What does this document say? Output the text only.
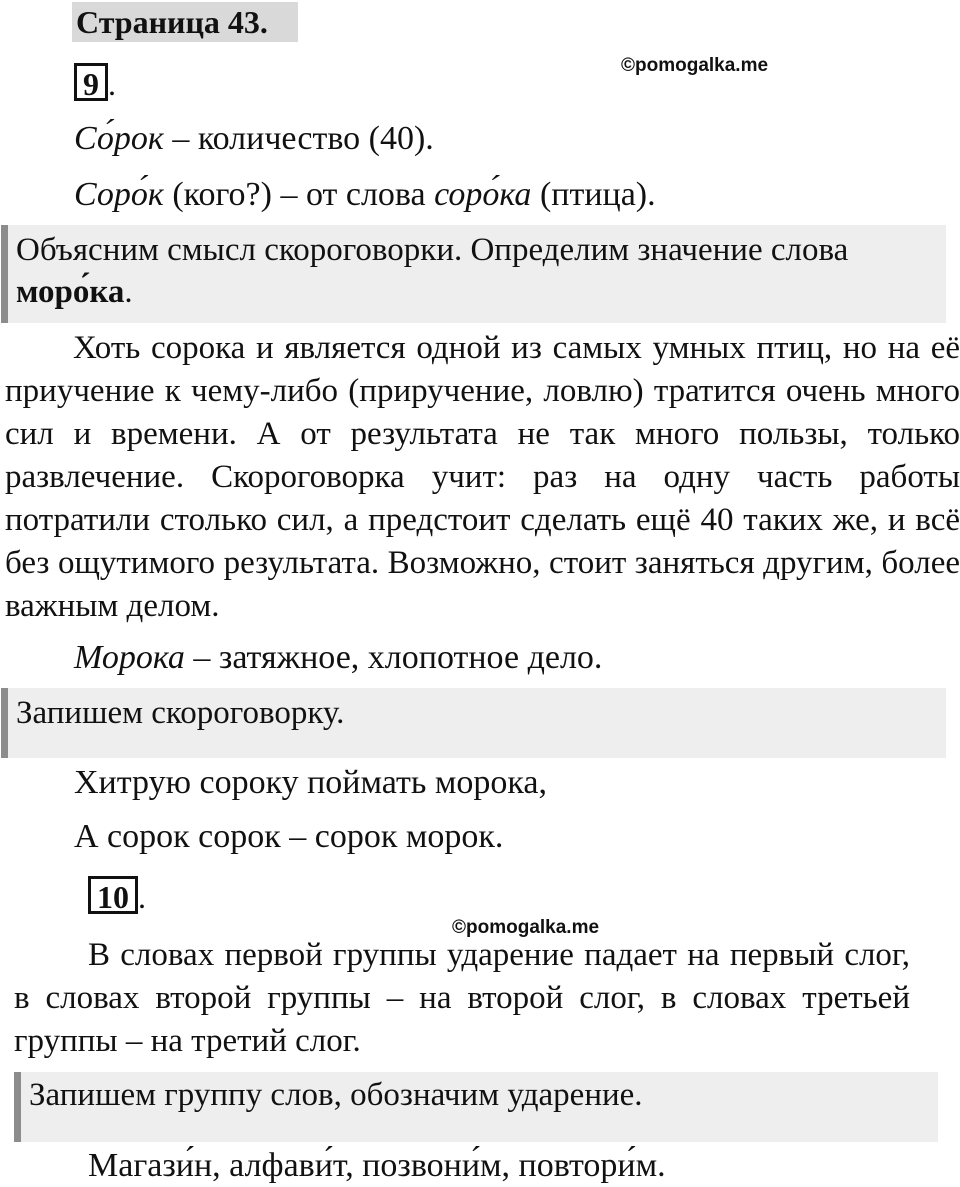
Страница 43.
9 .
©pomogalka.me
Со́рок – количество (40).
Соро́к (кого?) – от слова соро́ка (птица).
Объясним смысл скороговорки. Определим значение слова моро́ка.
Хоть сорока и является одной из самых умных птиц, но на её приучение к чему-либо (приручение, ловлю) тратится очень много сил и времени. А от результата не так много пользы, только развлечение. Скороговорка учит: раз на одну часть работы потратили столько сил, а предстоит сделать ещё 40 таких же, и всё без ощутимого результата. Возможно, стоит заняться другим, более важным делом.
Морока – затяжное, хлопотное дело.
Запишем скороговорку.
Хитрую сороку поймать морока,
А сорок сорок – сорок морок.
10 .
©pomogalka.me
В словах первой группы ударение падает на первый слог, в словах второй группы – на второй слог, в словах третьей группы – на третий слог.
Запишем группу слов, обозначим ударение.
Магази́н, алфави́т, позвони́м, повтори́м.
